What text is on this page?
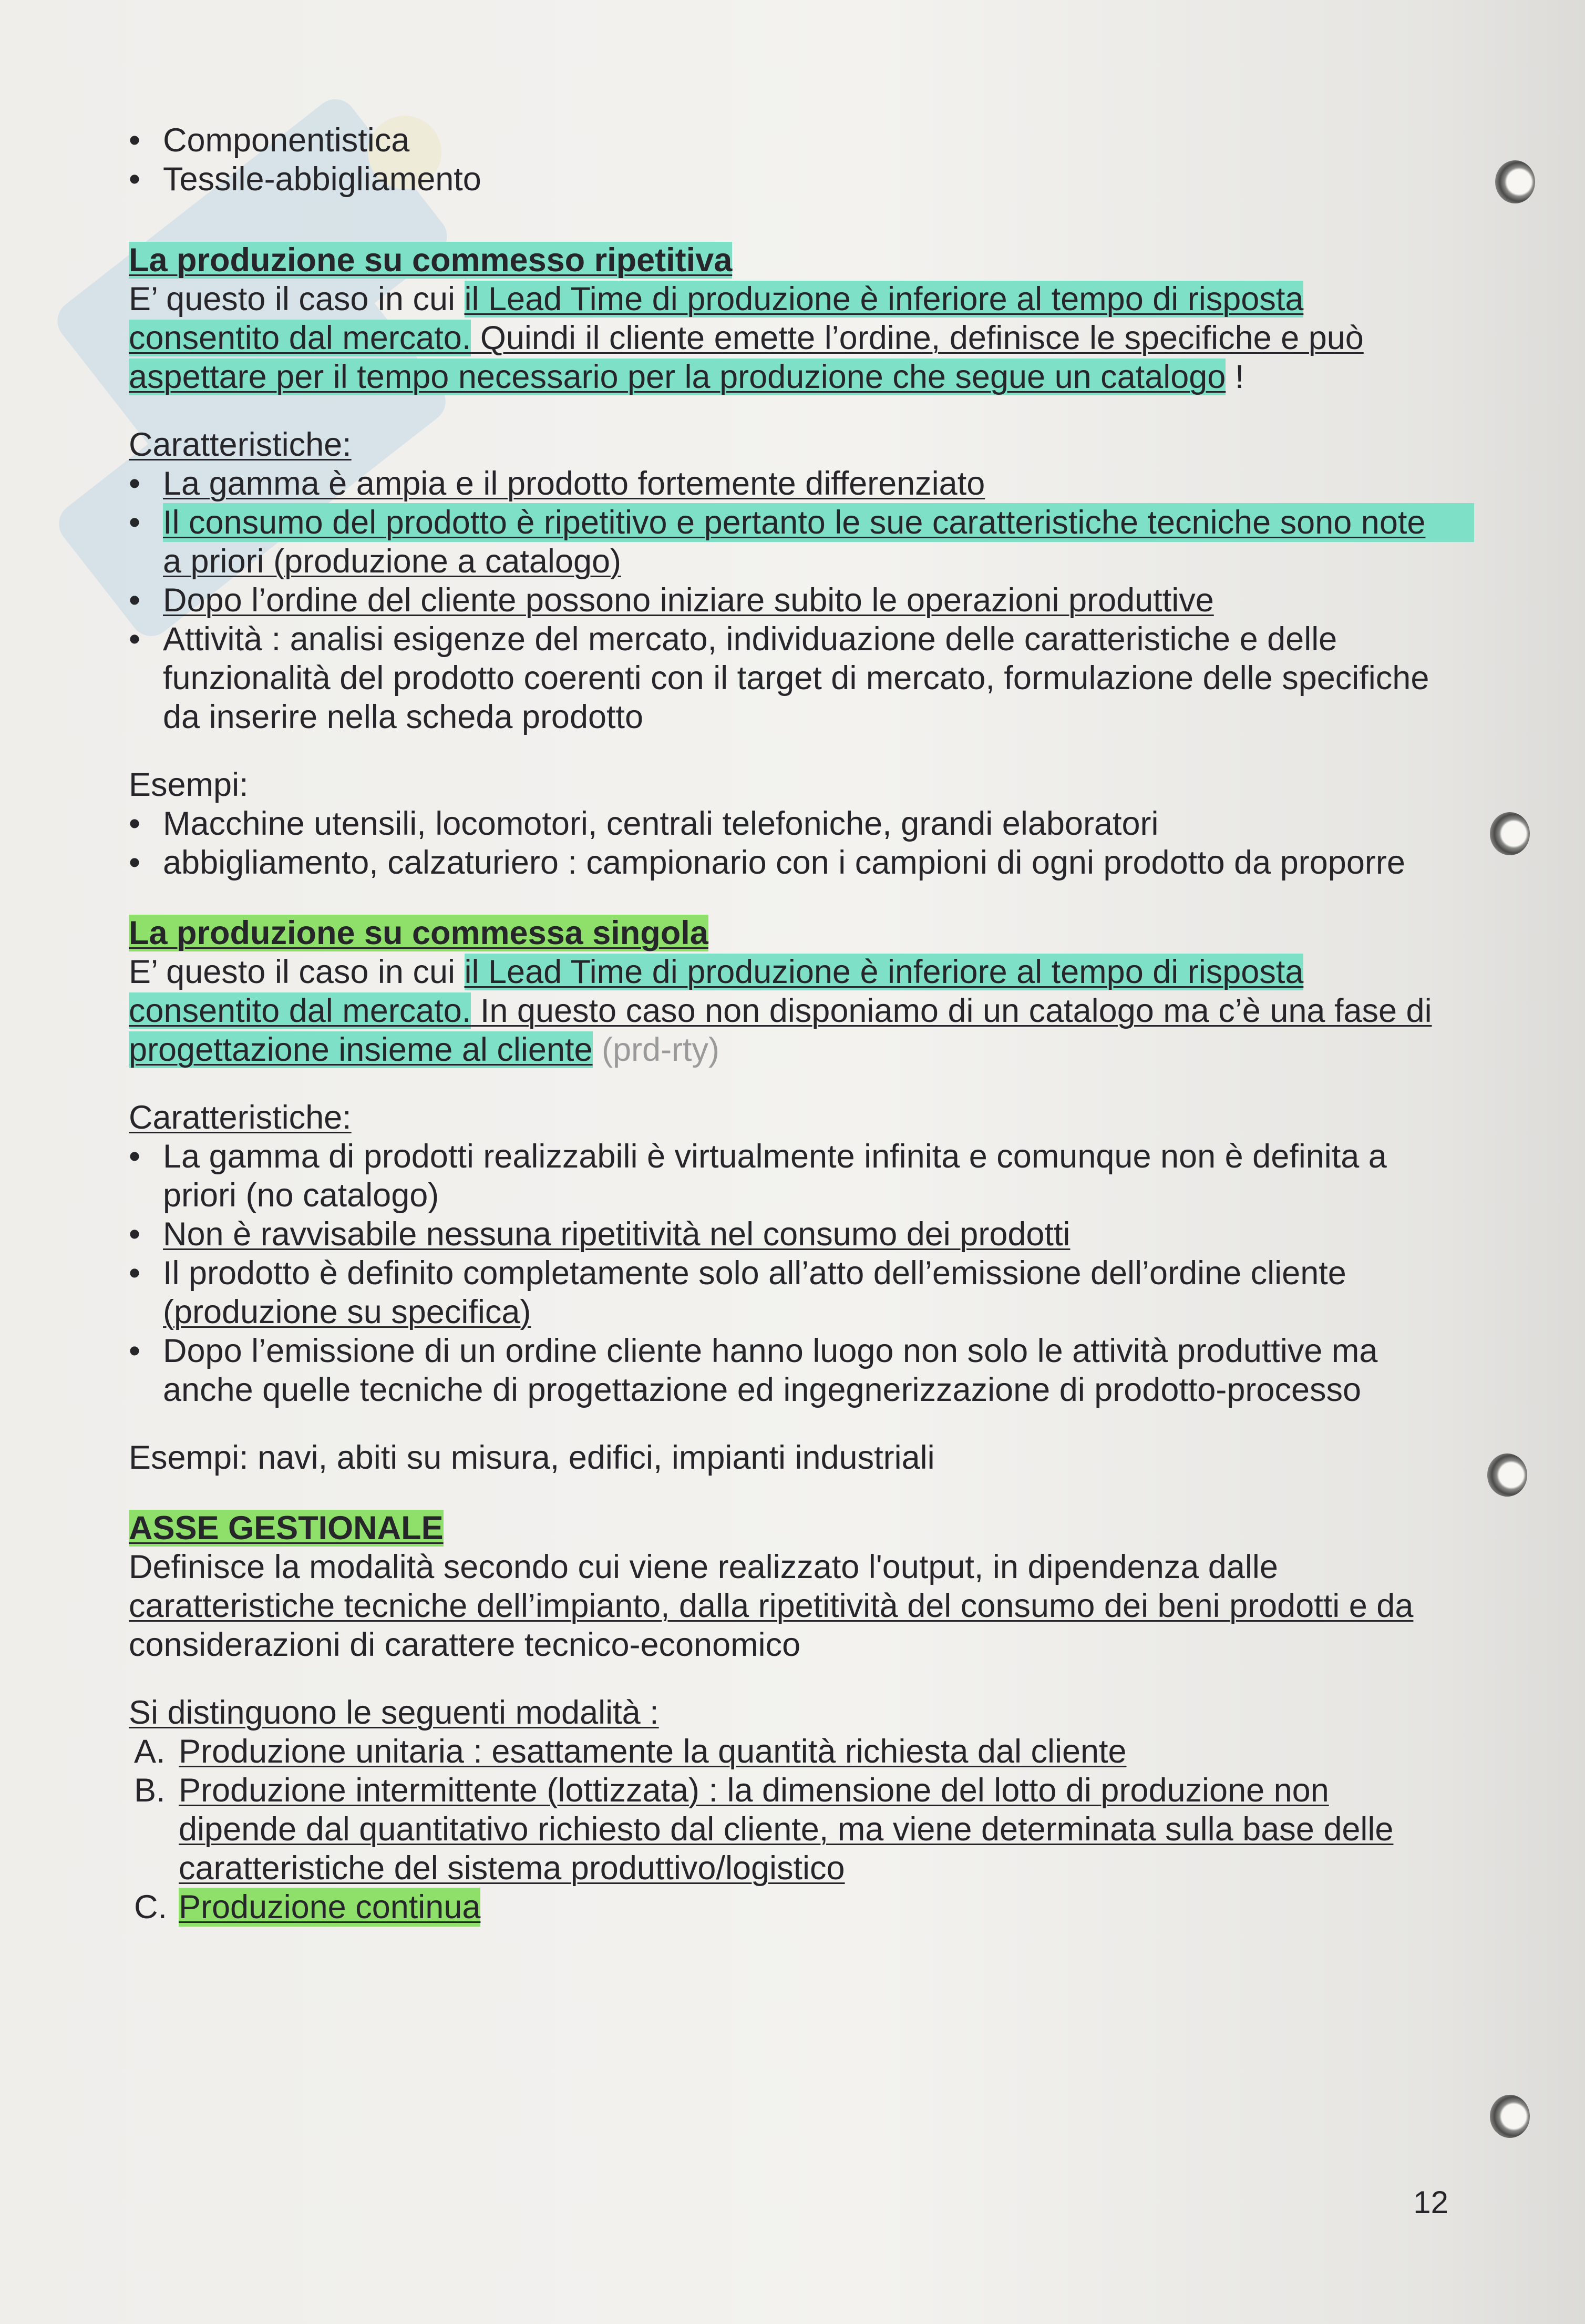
• Componentistica
• Tessile-abbigliamento
La produzione su commesso ripetitiva
E’ questo il caso in cui il Lead Time di produzione è inferiore al tempo di risposta
consentito dal mercato. Quindi il cliente emette l’ordine, definisce le specifiche e può
aspettare per il tempo necessario per la produzione che segue un catalogo !
Caratteristiche:
• La gamma è ampia e il prodotto fortemente differenziato
• Il consumo del prodotto è ripetitivo e pertanto le sue caratteristiche tecniche sono note
a priori (produzione a catalogo)
• Dopo l’ordine del cliente possono iniziare subito le operazioni produttive
• Attività : analisi esigenze del mercato, individuazione delle caratteristiche e delle
funzionalità del prodotto coerenti con il target di mercato, formulazione delle specifiche
da inserire nella scheda prodotto
Esempi:
• Macchine utensili, locomotori, centrali telefoniche, grandi elaboratori
• abbigliamento, calzaturiero : campionario con i campioni di ogni prodotto da proporre
La produzione su commessa singola
E’ questo il caso in cui il Lead Time di produzione è inferiore al tempo di risposta
consentito dal mercato. In questo caso non disponiamo di un catalogo ma c’è una fase di
progettazione insieme al cliente (prd-rty)
Caratteristiche:
• La gamma di prodotti realizzabili è virtualmente infinita e comunque non è definita a
priori (no catalogo)
• Non è ravvisabile nessuna ripetitività nel consumo dei prodotti
• Il prodotto è definito completamente solo all’atto dell’emissione dell’ordine cliente
(produzione su specifica)
• Dopo l’emissione di un ordine cliente hanno luogo non solo le attività produttive ma
anche quelle tecniche di progettazione ed ingegnerizzazione di prodotto-processo
Esempi: navi, abiti su misura, edifici, impianti industriali
ASSE GESTIONALE
Definisce la modalità secondo cui viene realizzato l'output, in dipendenza dalle
caratteristiche tecniche dell’impianto, dalla ripetitività del consumo dei beni prodotti e da
considerazioni di carattere tecnico-economico
Si distinguono le seguenti modalità :
A. Produzione unitaria : esattamente la quantità richiesta dal cliente
B. Produzione intermittente (lottizzata) : la dimensione del lotto di produzione non
dipende dal quantitativo richiesto dal cliente, ma viene determinata sulla base delle
caratteristiche del sistema produttivo/logistico
C. Produzione continua
12
